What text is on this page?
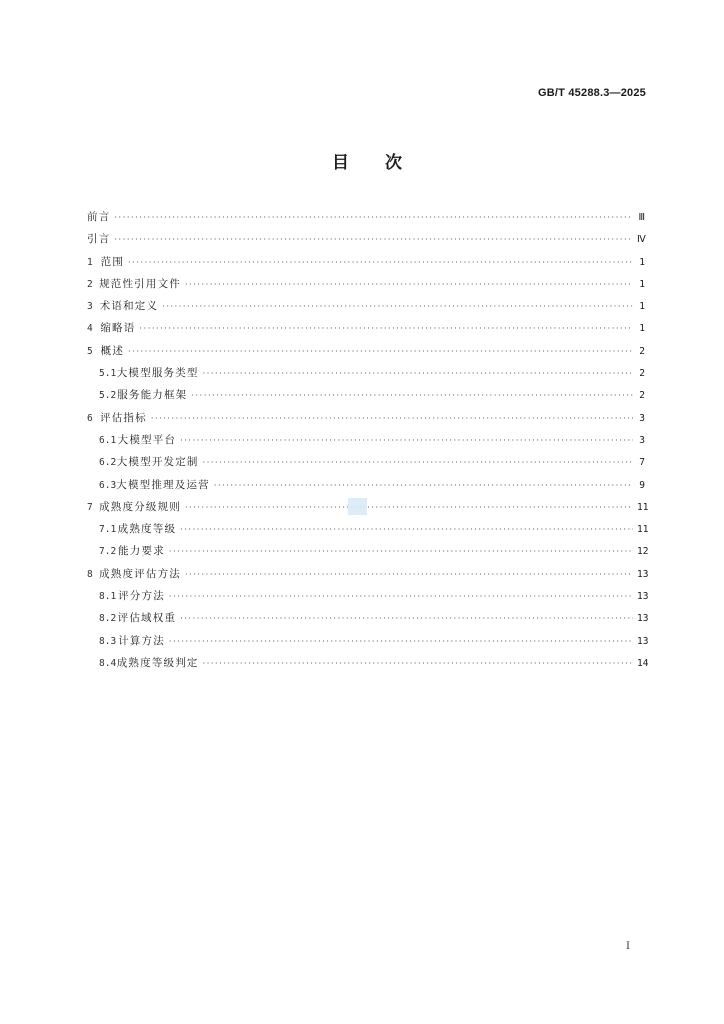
GB/T 45288.3—2025
目 次
前言 ·····	Ⅲ
引言 ·····	Ⅳ
1 范围 ·····	1
2 规范性引用文件 ·····	1
3 术语和定义 ·····	1
4 缩略语 ·····	1
5 概述 ·····	2
5.1 大模型服务类型 ·····	2
5.2 服务能力框架 ·····	2
6 评估指标 ·····	3
6.1 大模型平台 ·····	3
6.2 大模型开发定制 ·····	7
6.3 大模型推理及运营 ·····	9
7 成熟度分级规则 ·····	11
7.1 成熟度等级 ·····	11
7.2 能力要求 ·····	12
8 成熟度评估方法 ·····	13
8.1 评分方法 ·····	13
8.2 评估域权重 ·····	13
8.3 计算方法 ·····	13
8.4 成熟度等级判定 ·····	14
I
